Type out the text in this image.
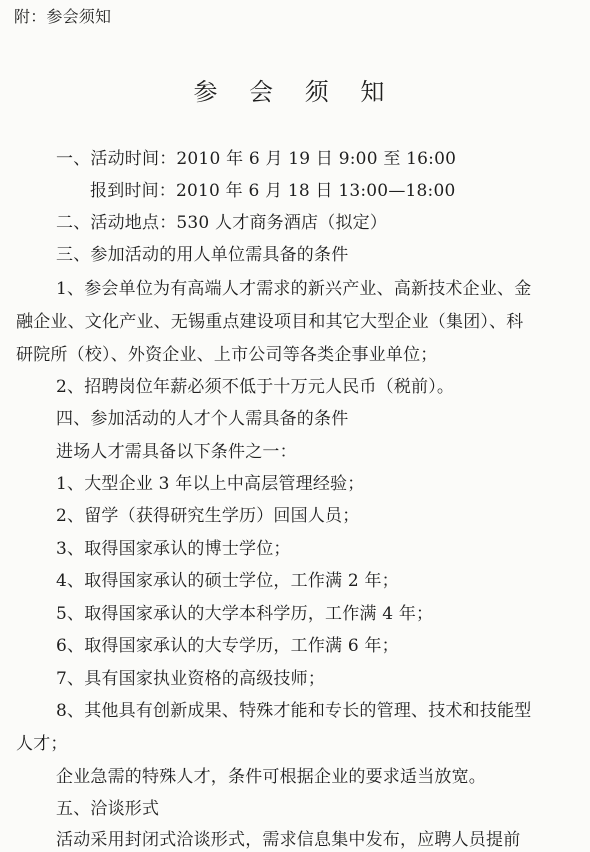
附：参会须知
参 会 须 知
一、活动时间：2010 年 6 月 19 日 9:00 至 16:00
报到时间：2010 年 6 月 18 日 13:00—18:00
二、活动地点：530 人才商务酒店（拟定）
三、参加活动的用人单位需具备的条件
1、参会单位为有高端人才需求的新兴产业、高新技术企业、金
融企业、文化产业、无锡重点建设项目和其它大型企业（集团）、科
研院所（校）、外资企业、上市公司等各类企事业单位；
2、招聘岗位年薪必须不低于十万元人民币（税前）。
四、参加活动的人才个人需具备的条件
进场人才需具备以下条件之一：
1、大型企业 3 年以上中高层管理经验；
2、留学（获得研究生学历）回国人员；
3、取得国家承认的博士学位；
4、取得国家承认的硕士学位，工作满 2 年；
5、取得国家承认的大学本科学历，工作满 4 年；
6、取得国家承认的大专学历，工作满 6 年；
7、具有国家执业资格的高级技师；
8、其他具有创新成果、特殊才能和专长的管理、技术和技能型
人才；
企业急需的特殊人才，条件可根据企业的要求适当放宽。
五、洽谈形式
活动采用封闭式洽谈形式，需求信息集中发布，应聘人员提前
